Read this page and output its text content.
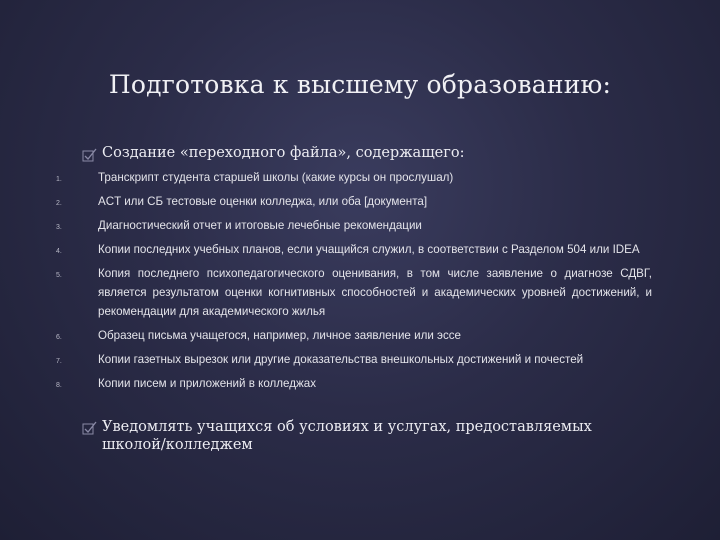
Подготовка к высшему образованию:
Создание «переходного файла», содержащего:
1.	Транскрипт студента старшей школы (какие курсы он прослушал)
2.	ACT или СБ тестовые оценки колледжа, или оба [документа]
3.	Диагностический отчет и итоговые лечебные рекомендации
4.	Копии последних учебных планов, если учащийся служил, в соответствии с Разделом 504 или IDEA
5.	Копия последнего психопедагогического оценивания, в том числе заявление о диагнозе СДВГ, является результатом оценки когнитивных способностей и академических уровней достижений, и рекомендации для академического жилья
6.	Образец письма учащегося, например, личное заявление или эссе
7.	Копии газетных вырезок или другие доказательства внешкольных достижений и почестей
8.	Копии писем и приложений в колледжах
Уведомлять учащихся об условиях и услугах, предоставляемых школой/колледжем
